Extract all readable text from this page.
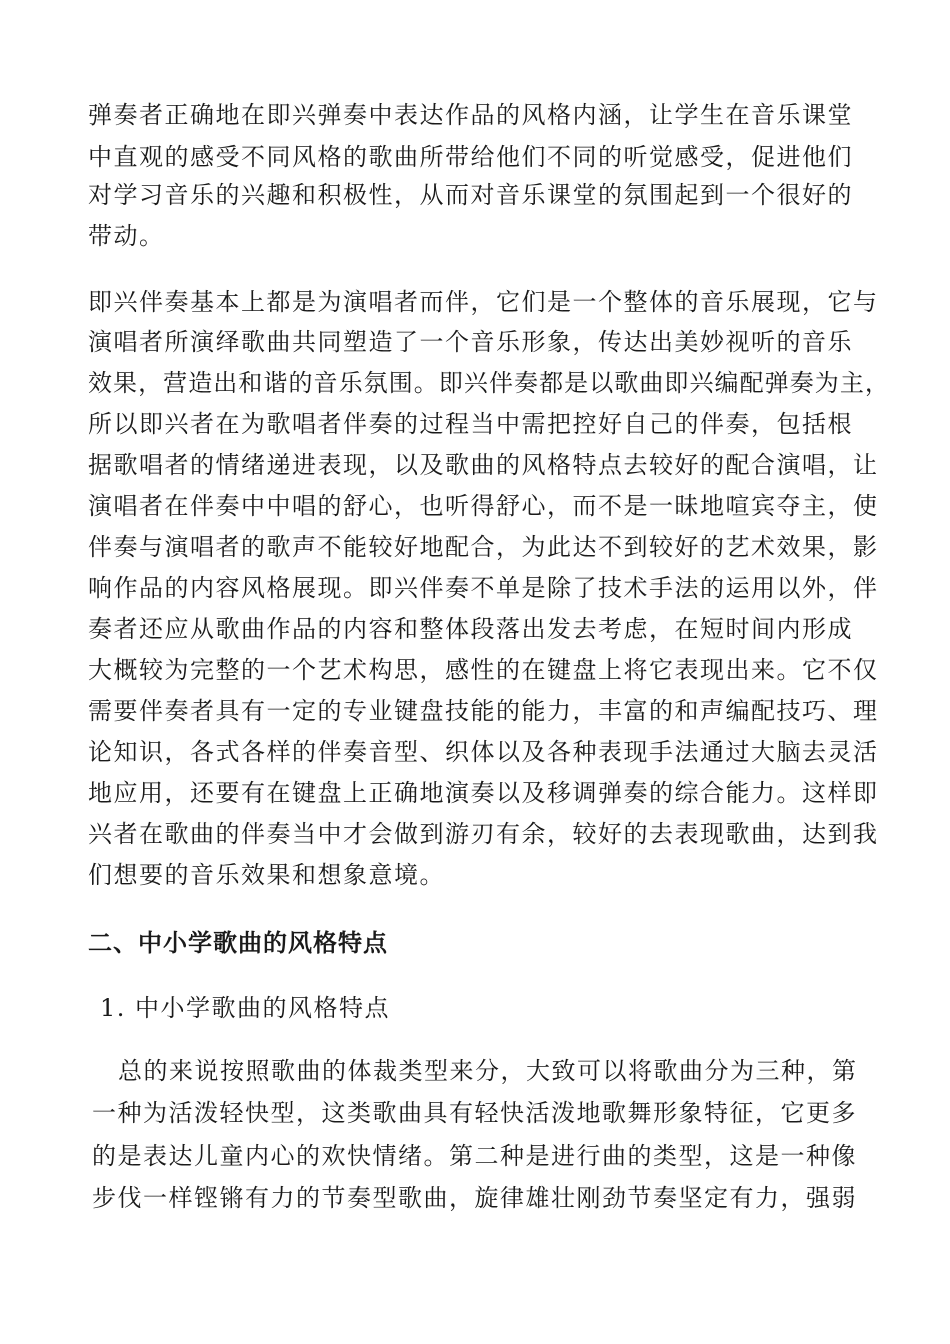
弹奏者正确地在即兴弹奏中表达作品的风格内涵，让学生在音乐课堂
中直观的感受不同风格的歌曲所带给他们不同的听觉感受，促进他们
对学习音乐的兴趣和积极性，从而对音乐课堂的氛围起到一个很好的
带动。
即兴伴奏基本上都是为演唱者而伴，它们是一个整体的音乐展现，它与
演唱者所演绎歌曲共同塑造了一个音乐形象，传达出美妙视听的音乐
效果，营造出和谐的音乐氛围。即兴伴奏都是以歌曲即兴编配弹奏为主，
所以即兴者在为歌唱者伴奏的过程当中需把控好自己的伴奏，包括根
据歌唱者的情绪递进表现，以及歌曲的风格特点去较好的配合演唱，让
演唱者在伴奏中中唱的舒心，也听得舒心，而不是一昧地喧宾夺主，使
伴奏与演唱者的歌声不能较好地配合，为此达不到较好的艺术效果，影
响作品的内容风格展现。即兴伴奏不单是除了技术手法的运用以外，伴
奏者还应从歌曲作品的内容和整体段落出发去考虑，在短时间内形成
大概较为完整的一个艺术构思，感性的在键盘上将它表现出来。它不仅
需要伴奏者具有一定的专业键盘技能的能力，丰富的和声编配技巧、理
论知识，各式各样的伴奏音型、织体以及各种表现手法通过大脑去灵活
地应用，还要有在键盘上正确地演奏以及移调弹奏的综合能力。这样即
兴者在歌曲的伴奏当中才会做到游刃有余，较好的去表现歌曲，达到我
们想要的音乐效果和想象意境。
二、中小学歌曲的风格特点
1. 中小学歌曲的风格特点
总的来说按照歌曲的体裁类型来分，大致可以将歌曲分为三种，第
一种为活泼轻快型，这类歌曲具有轻快活泼地歌舞形象特征，它更多
的是表达儿童内心的欢快情绪。第二种是进行曲的类型，这是一种像
步伐一样铿锵有力的节奏型歌曲，旋律雄壮刚劲节奏坚定有力，强弱
